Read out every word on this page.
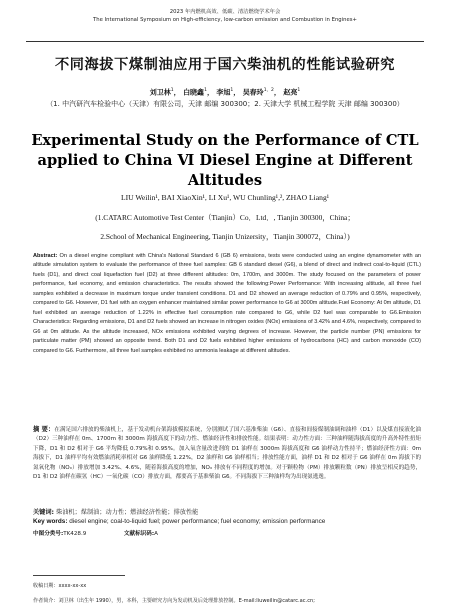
2023 年内燃机高效、低碳、清洁燃烧学术年会
The International Symposium on High-efficiency, low-carbon emission and Combustion in Engines+
不同海拔下煤制油应用于国六柴油机的性能试验研究
刘卫林$^1$， 白晓鑫$^1$， 李旭$^1$， 吴春玲$^{1,2}$， 赵亮$^1$
（1. 中汽研汽车检验中心（天津）有限公司，天津 邮编 300300；2. 天津大学 机械工程学院 天津 邮编 300300）
Experimental Study on the Performance of CTL
applied to China Ⅵ Diesel Engine at Different
Altitudes
LIU Weilin¹, BAI XiaoXin¹, LI Xu¹, WU Chunling¹,², ZHAO Liang¹
(1.CATARC Automotive Test Center（Tianjin）Co．Ltd．, Tianjin 300300，China；
2.School of Mechanical Engineering, Tianjin Unizersity，Tianjin 300072，China）)
Abstract: On a diesel engine compliant with China's National Standard 6 (GB 6) emissions, tests were conducted using an engine dynamometer with an altitude simulation system to evaluate the performance of three fuel samples: GB 6 standard diesel (G6), a blend of direct and indirect coal-to-liquid (CTL) fuels (D1), and direct coal liquefaction fuel (D2) at three different altitudes: 0m, 1700m, and 3000m. The study focused on the parameters of power performance, fuel economy, and emission characteristics. The results showed the following:Power Performance: With increasing altitude, all three fuel samples exhibited a decrease in maximum torque under transient conditions. D1 and D2 showed an average reduction of 0.79% and 0.95%, respectively, compared to G6. However, D1 fuel with an oxygen enhancer maintained similar power performance to G6 at 3000m altitude.Fuel Economy: At 0m altitude, D1 fuel exhibited an average reduction of 1.22% in effective fuel consumption rate compared to G6, while D2 fuel was comparable to G6.Emission Characteristics: Regarding emissions, D1 and D2 fuels showed an increase in nitrogen oxides (NOx) emissions of 3.42% and 4.6%, respectively, compared to G6 at 0m altitude. As the altitude increased, NOx emissions exhibited varying degrees of increase. However, the particle number (PN) emissions for particulate matter (PM) showed an opposite trend. Both D1 and D2 fuels exhibited higher emissions of hydrocarbons (HC) and carbon monoxide (CO) compared to G6. Furthermore, all three fuel samples exhibited no ammonia leakage at different altitudes.
摘 要：在满足国六排放的柴油机上，基于发动机台架海拔模拟系统，分别测试了国六基准柴油（G6）、直接和间接煤制油调和油样（D1）以及煤直接液化油（D2）三种油样在 0m、1700m 和 3000m 海拔高度下的动力性、燃油经济性和排放性能。结果表明：动力性方面：三种油样随海拔高度的升高外特性扭矩下降，D1 和 D2 相对于 G6 平均降低 0.79%和 0.95%。加入氧含量改进剂的 D1 油样在 3000m 海拔高度和 G6 油样动力性持平；燃油经济性方面：0m 海拔下，D1 油样平均有效燃油消耗率相对 G6 油样降低 1.22%，D2 油样和 G6 油样相当；排放性能方面，油样 D1 和 D2 相对于 G6 油样在 0m 海拔下的氮氧化物（NOₓ）排放增加 3.42%、4.6%，随着海拔高度的增加，NOₓ 排放有不同程度的增加。对于颗粒物（PM）排放颗粒数（PN）排放呈相反的趋势，D1 和 D2 油样在碳氢（HC）一氧化碳（CO）排放方面，都要高于基准柴油 G6。不同海拔下三种油样均为出现氨逃逸。
关键词: 柴油机；煤制油；动力性；燃油经济性能；排放性能
Key words: diesel engine; coal-to-liquid fuel; power performance; fuel economy; emission performance
中图分类号:TK428.9	文献标识码:A
收稿日期：xxxx-xx-xx
作者简介：刘卫林（出生年 1990），男，本科，主要研究方向为发动机及后处理排放控制。E-mail:liuweilin@catarc.ac.cn;
